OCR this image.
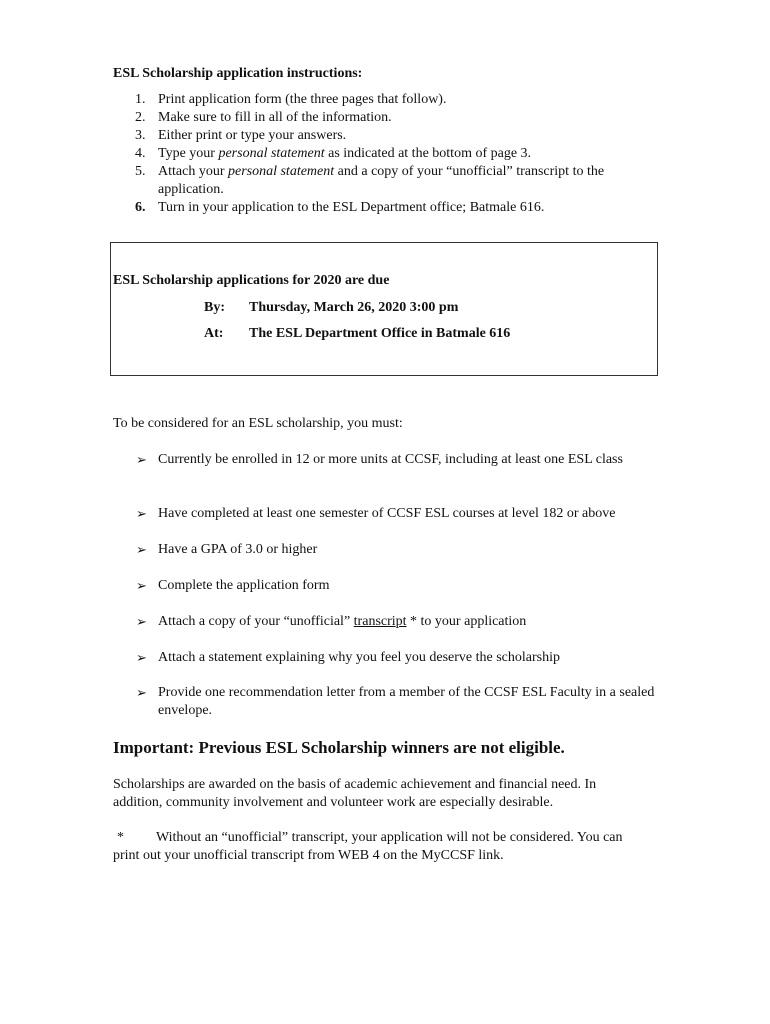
ESL Scholarship application instructions:
1. Print application form (the three pages that follow).
2. Make sure to fill in all of the information.
3. Either print or type your answers.
4. Type your personal statement as indicated at the bottom of page 3.
5. Attach your personal statement and a copy of your “unofficial” transcript to the application.
6. Turn in your application to the ESL Department office; Batmale 616.
ESL Scholarship applications for 2020 are due
By: Thursday, March 26, 2020 3:00 pm
At: The ESL Department Office in Batmale 616
To be considered for an ESL scholarship, you must:
➢ Currently be enrolled in 12 or more units at CCSF, including at least one ESL class
➢ Have completed at least one semester of CCSF ESL courses at level 182 or above
➢ Have a GPA of 3.0 or higher
➢ Complete the application form
➢ Attach a copy of your “unofficial” transcript * to your application
➢ Attach a statement explaining why you feel you deserve the scholarship
➢ Provide one recommendation letter from a member of the CCSF ESL Faculty in a sealed envelope.
Important: Previous ESL Scholarship winners are not eligible.
Scholarships are awarded on the basis of academic achievement and financial need. In addition, community involvement and volunteer work are especially desirable.
* Without an “unofficial” transcript, your application will not be considered. You can print out your unofficial transcript from WEB 4 on the MyCCSF link.
